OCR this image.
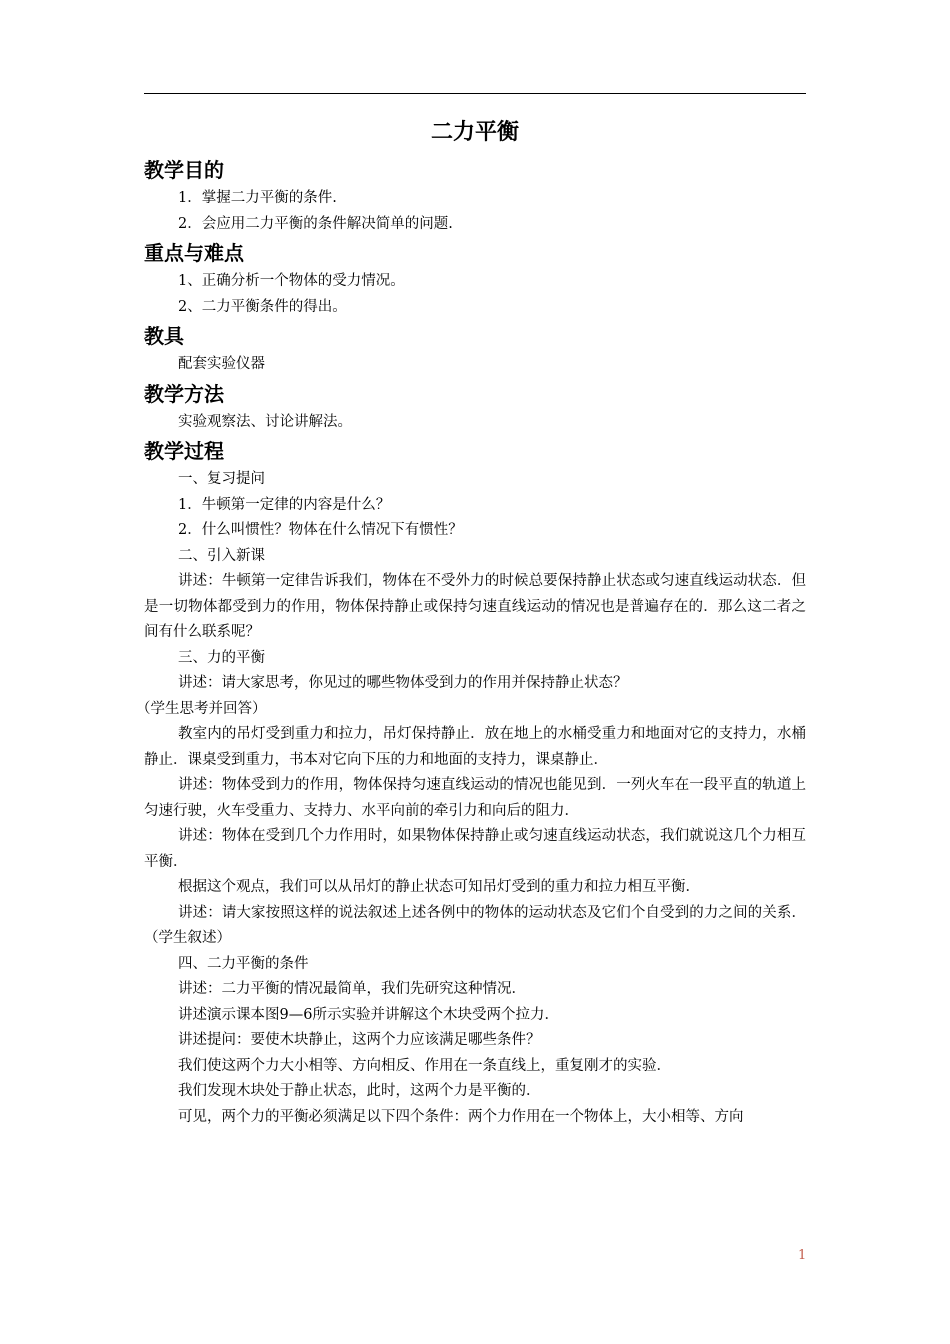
二力平衡
教学目的

1．掌握二力平衡的条件.

2．会应用二力平衡的条件解决简单的问题.

重点与难点

1、正确分析一个物体的受力情况。

2、二力平衡条件的得出。

教具

配套实验仪器

教学方法

实验观察法、讨论讲解法。

教学过程

一、复习提问

1．牛顿第一定律的内容是什么？

2．什么叫惯性？物体在什么情况下有惯性？

二、引入新课

讲述：牛顿第一定律告诉我们，物体在不受外力的时候总要保持静止状态或匀速直线运动状态．但是一切物体都受到力的作用，物体保持静止或保持匀速直线运动的情况也是普遍存在的．那么这二者之间有什么联系呢？

三、力的平衡

讲述：请大家思考，你见过的哪些物体受到力的作用并保持静止状态？

（学生思考并回答）

教室内的吊灯受到重力和拉力，吊灯保持静止．放在地上的水桶受重力和地面对它的支持力，水桶静止．课桌受到重力，书本对它向下压的力和地面的支持力，课桌静止．

讲述：物体受到力的作用，物体保持匀速直线运动的情况也能见到．一列火车在一段平直的轨道上匀速行驶，火车受重力、支持力、水平向前的牵引力和向后的阻力．

讲述：物体在受到几个力作用时，如果物体保持静止或匀速直线运动状态，我们就说这几个力相互平衡．

根据这个观点，我们可以从吊灯的静止状态可知吊灯受到的重力和拉力相互平衡．

讲述：请大家按照这样的说法叙述上述各例中的物体的运动状态及它们个自受到的力之间的关系．（学生叙述）

四、二力平衡的条件

讲述：二力平衡的情况最简单，我们先研究这种情况．

讲述演示课本图9—6所示实验并讲解这个木块受两个拉力．

讲述提问：要使木块静止，这两个力应该满足哪些条件？

我们使这两个力大小相等、方向相反、作用在一条直线上，重复刚才的实验．

我们发现木块处于静止状态，此时，这两个力是平衡的．

可见，两个力的平衡必须满足以下四个条件：两个力作用在一个物体上，大小相等、方向

1
